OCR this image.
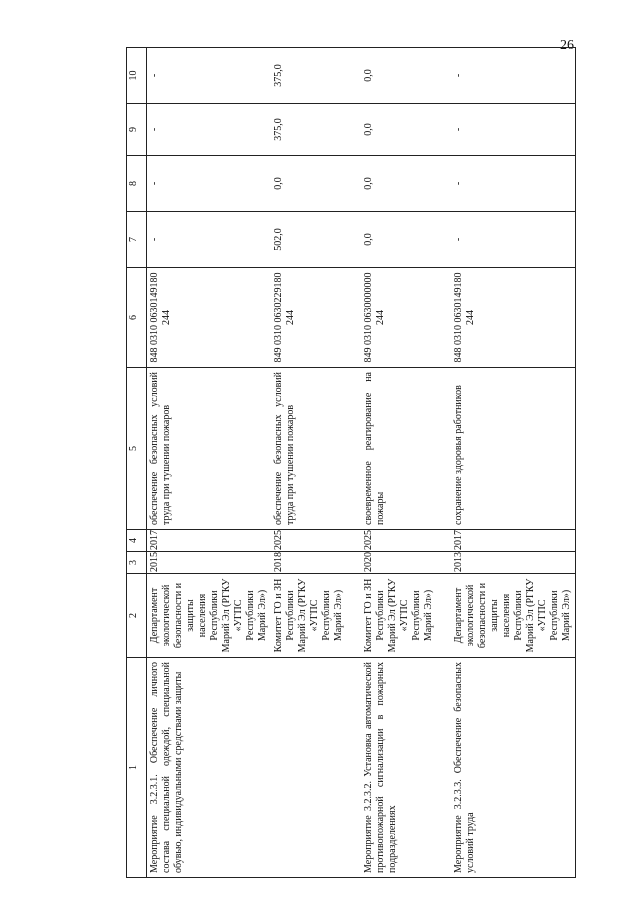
26
1	2	3	4	5	6	7	8	9	10
Мероприятие 3.2.3.1. Обеспечение личного состава специальной одеждой, специальной обувью, индивидуальными средствами защиты	Департамент экологической безопасности и защиты населения Республики Марий Эл (РГКУ «УГПС Республики Марий Эл»)	2015	2017	обеспечение безопасных условий труда при тушении пожаров	848 0310 0630149180 244	-	-	-	-
	Комитет ГО и ЗН Республики Марий Эл (РГКУ «УГПС Республики Марий Эл»)	2018	2025	обеспечение безопасных условий труда при тушении пожаров	849 0310 0630229180 244	502,0	0,0	375,0	375,0
Мероприятие 3.2.3.2. Установка автоматической противопожарной сигнализации в пожарных подразделениях	Комитет ГО и ЗН Республики Марий Эл (РГКУ «УГПС Республики Марий Эл»)	2020	2025	своевременное реагирование на пожары	849 0310 0630000000 244	0,0	0,0	0,0	0,0
Мероприятие 3.2.3.3. Обеспечение безопасных условий труда	Департамент экологической безопасности и защиты населения Республики Марий Эл (РГКУ «УГПС Республики Марий Эл»)	2013	2017	сохранение здоровья работников	848 0310 0630149180 244	-	-	-	-
